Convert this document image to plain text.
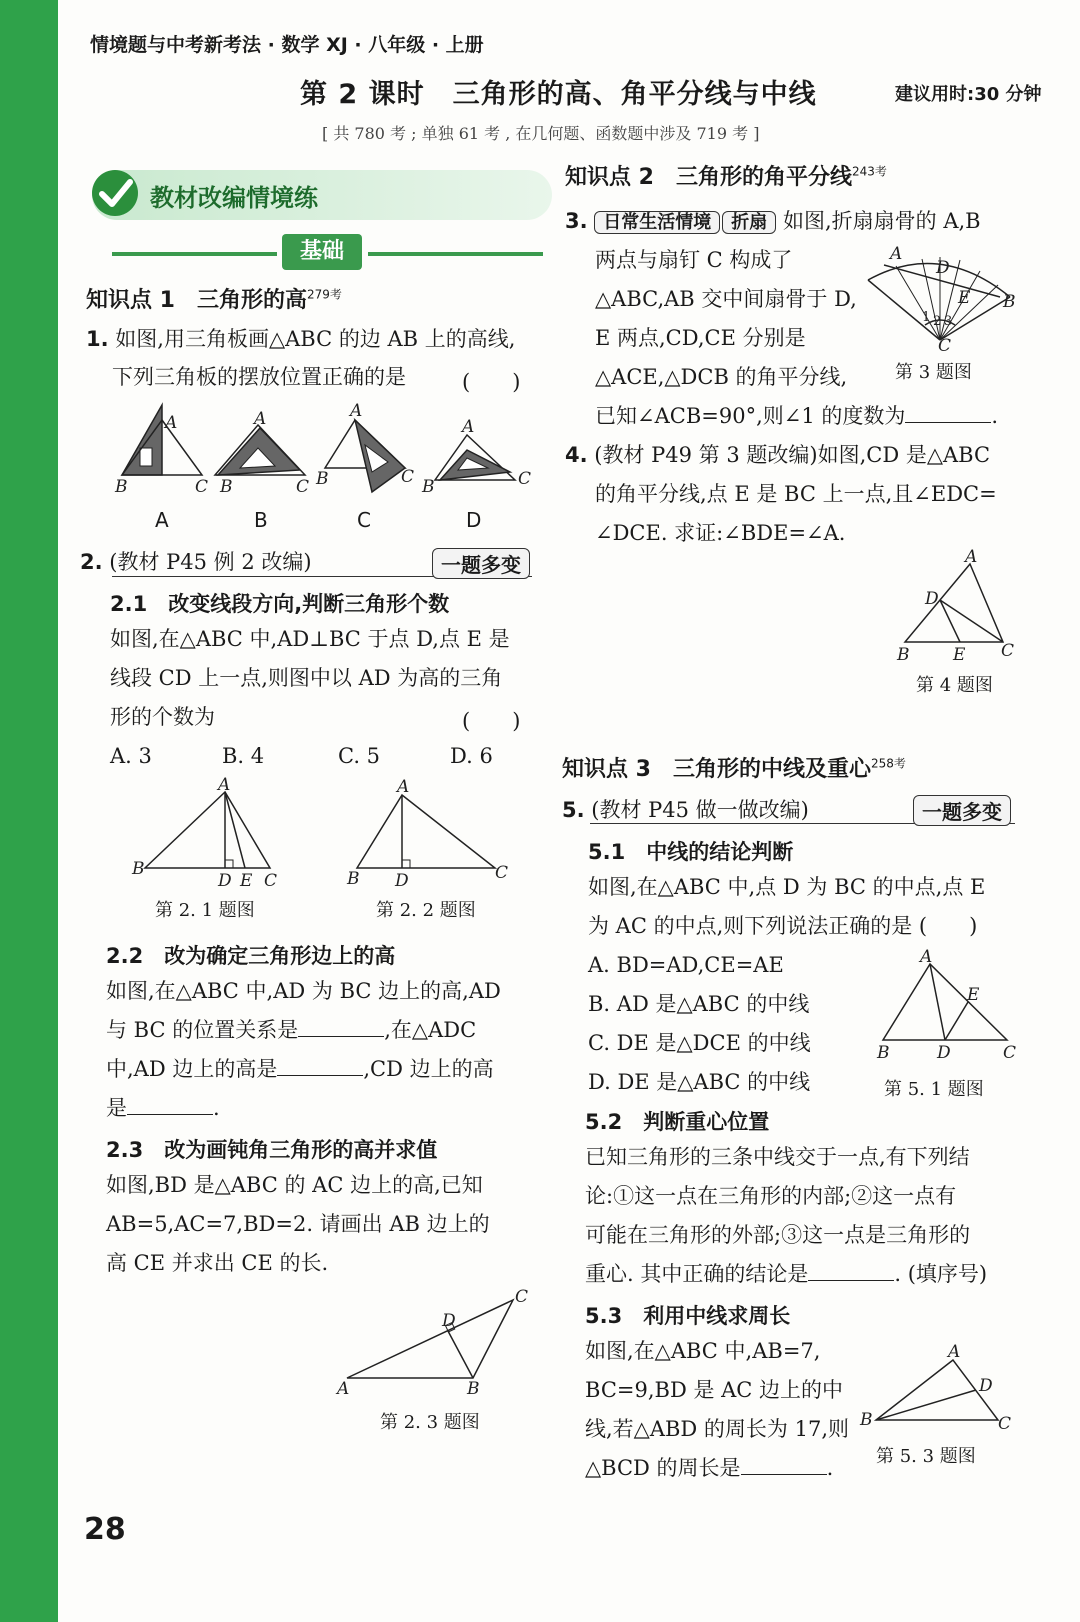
情境题与中考新考法 · 数学 XJ · 八年级 · 上册
第 2 课时　三角形的高、角平分线与中线	建议用时:30 分钟
[ 共 780 考 ; 单独 61 考 , 在几何题、函数题中涉及 719 考 ]
教材改编情境练
基础
知识点 1　三角形的高$^{279考}$
1. 如图,用三角板画△ABC 的边 AB 上的高线,
下列三角板的摆放位置正确的是	(　　)
A
B	C
A
B	C
A
B	C
A
B	C
A	B	C	D
2. (教材 P45 例 2 改编)	一题多变
2.1　改变线段方向,判断三角形个数
如图,在△ABC 中,AD⊥BC 于点 D,点 E 是
线段 CD 上一点,则图中以 AD 为高的三角
形的个数为	(　　)
A. 3	B. 4	C. 5	D. 6
A
B
D E C
第 2. 1 题图
A
B D	C
第 2. 2 题图
2.2　改为确定三角形边上的高
如图,在△ABC 中,AD 为 BC 边上的高,AD
与 BC 的位置关系是	,在△ADC
中,AD 边上的高是	,CD 边上的高
是	.
2.3　改为画钝角三角形的高并求值
如图,BD 是△ABC 的 AC 边上的高,已知
AB=5,AC=7,BD=2. 请画出 AB 边上的
高 CE 并求出 CE 的长.
A	B
C
D
第 2. 3 题图
28
知识点 2　三角形的角平分线$^{243考}$
3. 日常生活情境 折扇 如图,折扇扇骨的 A,B
两点与扇钉 C 构成了
△ABC,AB 交中间扇骨于 D,
E 两点,CD,CE 分别是
△ACE,△DCB 的角平分线,
已知∠ACB=90°,则∠1 的度数为	.
A
D
E B
C
1 2 3
第 3 题图
4. (教材 P49 第 3 题改编)如图,CD 是△ABC
的角平分线,点 E 是 BC 上一点,且∠EDC=
∠DCE. 求证:∠BDE=∠A.
A
D
B	E C
第 4 题图
知识点 3　三角形的中线及重心$^{258考}$
5. (教材 P45 做一做改编)	一题多变
5.1　中线的结论判断
如图,在△ABC 中,点 D 为 BC 的中点,点 E
为 AC 的中点,则下列说法正确的是 (　　)
A. BD=AD,CE=AE
B. AD 是△ABC 的中线
C. DE 是△DCE 的中线
D. DE 是△ABC 的中线
A
E
B	D	C
第 5. 1 题图
5.2　判断重心位置
已知三角形的三条中线交于一点,有下列结
论:①这一点在三角形的内部;②这一点有
可能在三角形的外部;③这一点是三角形的
重心. 其中正确的结论是	. (填序号)
5.3　利用中线求周长
如图,在△ABC 中,AB=7,
BC=9,BD 是 AC 边上的中
线,若△ABD 的周长为 17,则
△BCD 的周长是	.
A
D
B	C
第 5. 3 题图
